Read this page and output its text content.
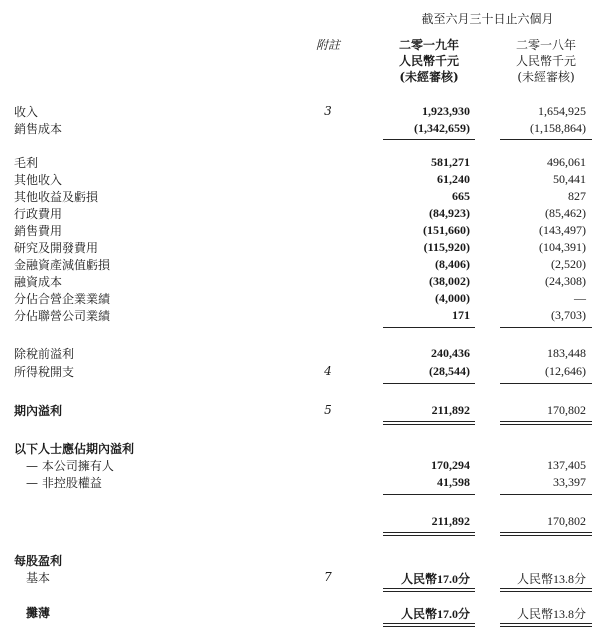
截至六月三十日止六個月
附註	二零一九年
人民幣千元
(未經審核)
二零一八年
人民幣千元
(未經審核)
收入	3	1,923,930	1,654,925
銷售成本	(1,342,659)	(1,158,864)
毛利	581,271	496,061
其他收入	61,240	50,441
其他收益及虧損	665	827
行政費用	(84,923)	(85,462)
銷售費用	(151,660)	(143,497)
研究及開發費用	(115,920)	(104,391)
金融資產減值虧損	(8,406)	(2,520)
融資成本	(38,002)	(24,308)
分佔合營企業業績	(4,000)	—
分佔聯營公司業績	171	(3,703)
除稅前溢利	240,436	183,448
所得稅開支	4	(28,544)	(12,646)
期內溢利	5	211,892	170,802
以下人士應佔期內溢利
— 本公司擁有人	170,294	137,405
— 非控股權益	41,598	33,397
211,892	170,802
每股盈利
基本	7	人民幣17.0分	人民幣13.8分
攤薄	人民幣17.0分	人民幣13.8分
